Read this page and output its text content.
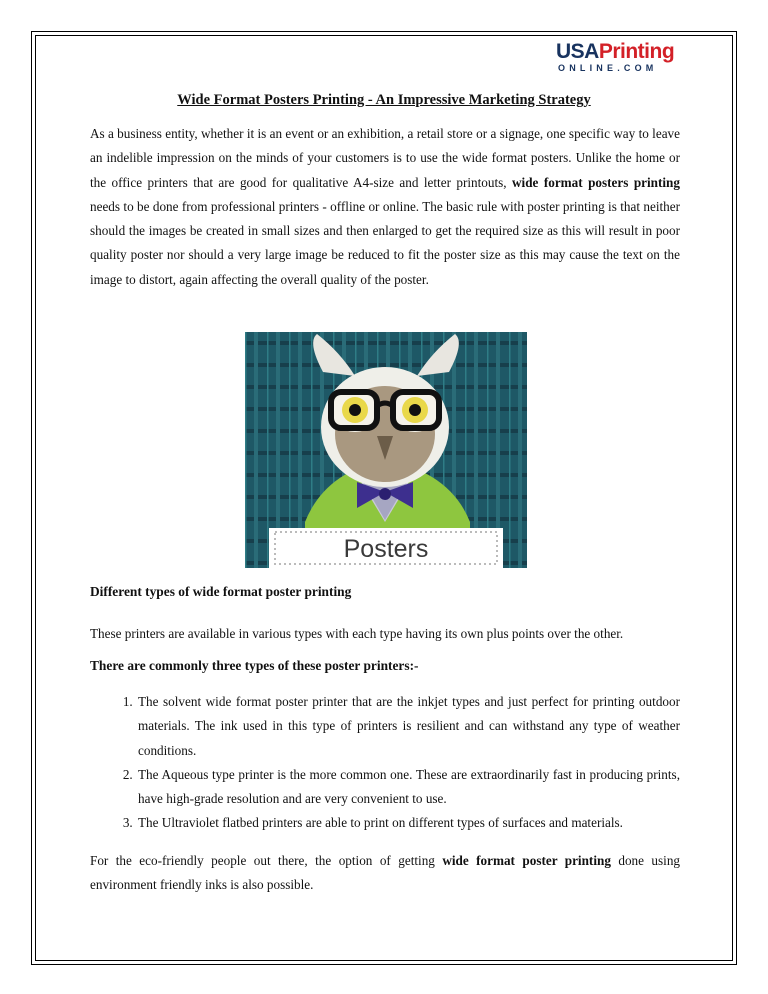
USAPrinting
ONLINE.COM
Wide Format Posters Printing - An Impressive Marketing Strategy

As a business entity, whether it is an event or an exhibition, a retail store or a signage, one specific way to leave an indelible impression on the minds of your customers is to use the wide format posters. Unlike the home or the office printers that are good for qualitative A4-size and letter printouts, wide format posters printing needs to be done from professional printers - offline or online. The basic rule with poster printing is that neither should the images be created in small sizes and then enlarged to get the required size as this will result in poor quality poster nor should a very large image be reduced to fit the poster size as this may cause the text on the image to distort, again affecting the overall quality of the poster.

Posters

Different types of wide format poster printing

These printers are available in various types with each type having its own plus points over the other.

There are commonly three types of these poster printers:-

1. The solvent wide format poster printer that are the inkjet types and just perfect for printing outdoor materials. The ink used in this type of printers is resilient and can withstand any type of weather conditions.
2. The Aqueous type printer is the more common one. These are extraordinarily fast in producing prints, have high-grade resolution and are very convenient to use.
3. The Ultraviolet flatbed printers are able to print on different types of surfaces and materials.

For the eco-friendly people out there, the option of getting wide format poster printing done using environment friendly inks is also possible.
